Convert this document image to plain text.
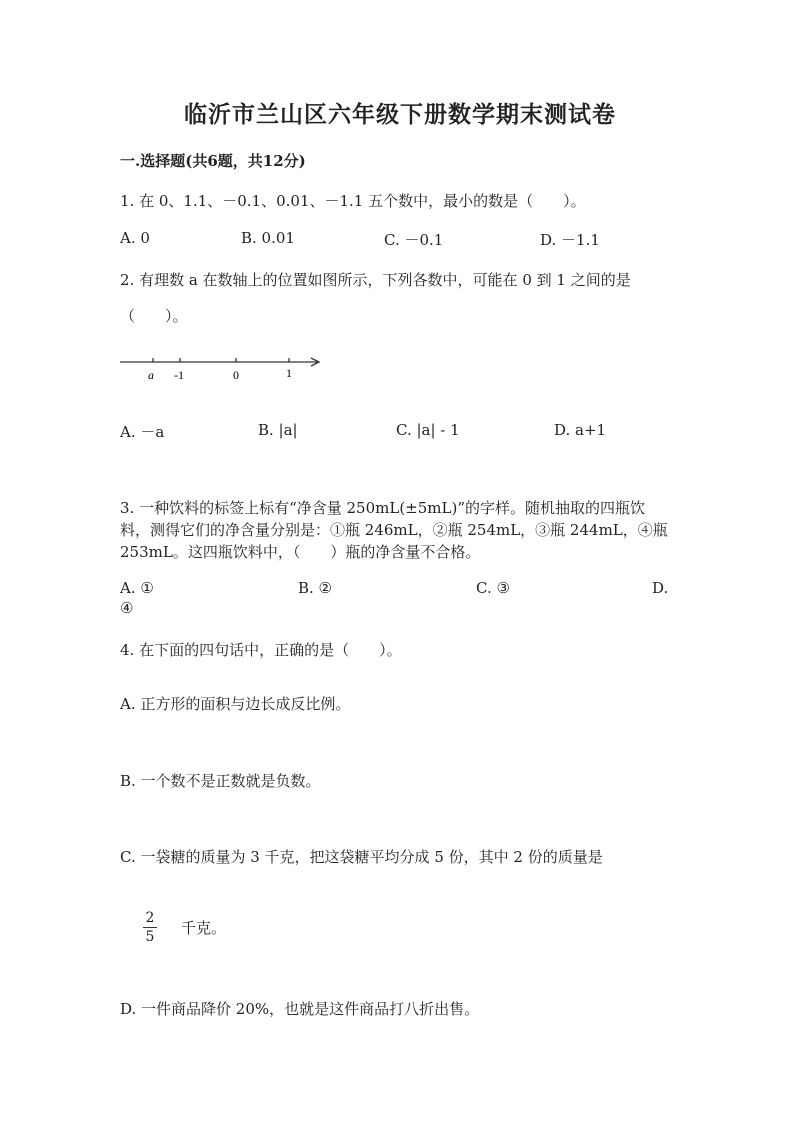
临沂市兰山区六年级下册数学期末测试卷
一.选择题(共6题，共12分)
1. 在 0、1.1、－0.1、0.01、－1.1 五个数中，最小的数是（　　）。
A. 0	B. 0.01	C. －0.1	D. －1.1
2. 有理数 a 在数轴上的位置如图所示，下列各数中，可能在 0 到 1 之间的是
（　　）。
a -1	0	1
A. －a	B. |a|	C. |a| - 1	D. a+1
3. 一种饮料的标签上标有“净含量 250mL(±5mL)”的字样。随机抽取的四瓶饮
料，测得它们的净含量分别是：①瓶 246mL，②瓶 254mL，③瓶 244mL，④瓶
253mL。这四瓶饮料中，（　　）瓶的净含量不合格。
A. ①	B. ②	C. ③	D.
④
4. 在下面的四句话中，正确的是（　　）。
A. 正方形的面积与边长成反比例。
B. 一个数不是正数就是负数。
C. 一袋糖的质量为 3 千克，把这袋糖平均分成 5 份，其中 2 份的质量是
2
5 千克。
D. 一件商品降价 20%，也就是这件商品打八折出售。
